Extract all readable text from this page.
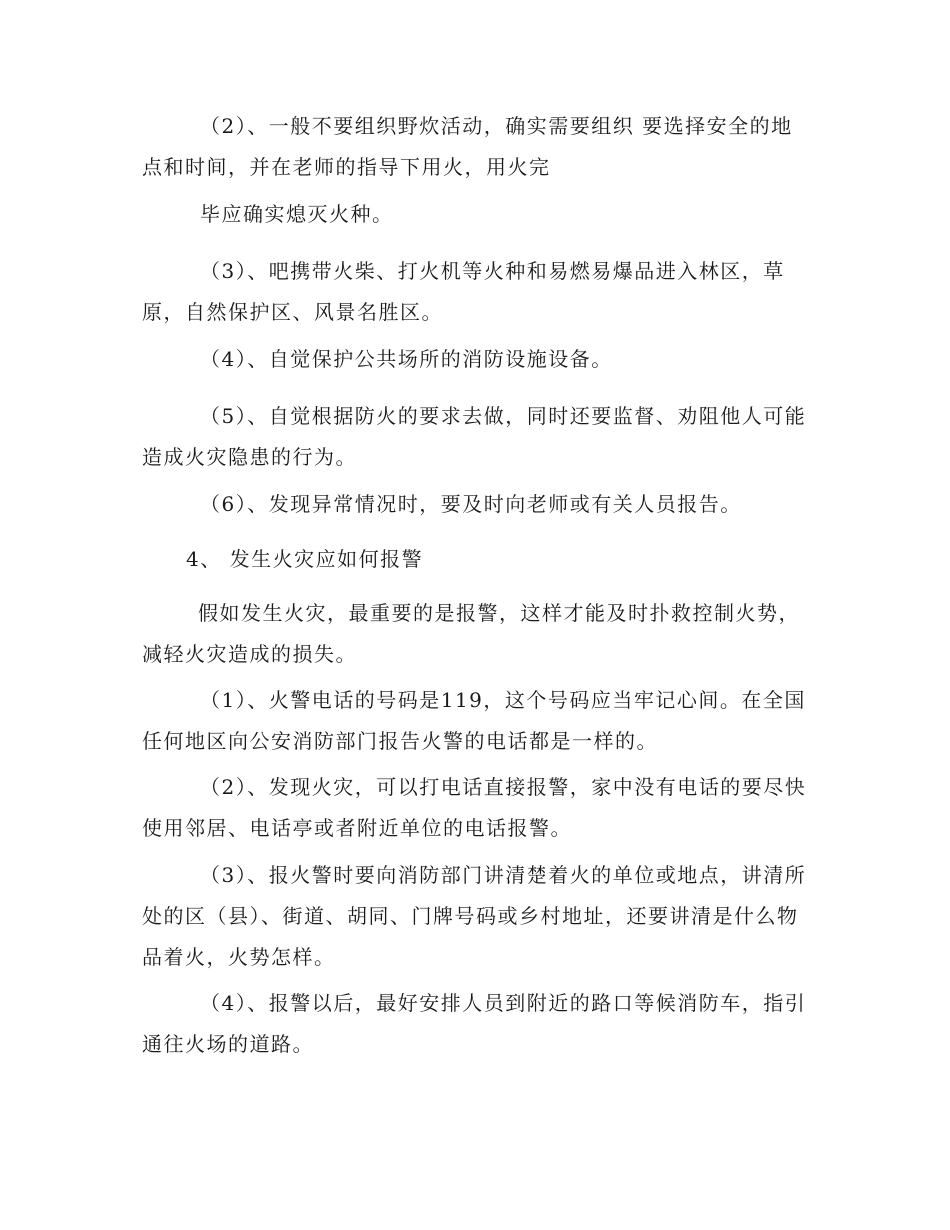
（2）、一般不要组织野炊活动，确实需要组织 要选择安全的地点和时间，并在老师的指导下用火，用火完

毕应确实熄灭火种。

（3）、吧携带火柴、打火机等火种和易燃易爆品进入林区，草原，自然保护区、风景名胜区。

（4）、自觉保护公共场所的消防设施设备。

（5）、自觉根据防火的要求去做，同时还要监督、劝阻他人可能造成火灾隐患的行为。

（6）、发现异常情况时，要及时向老师或有关人员报告。

4、 发生火灾应如何报警

假如发生火灾，最重要的是报警，这样才能及时扑救控制火势，减轻火灾造成的损失。

（1）、火警电话的号码是119，这个号码应当牢记心间。在全国任何地区向公安消防部门报告火警的电话都是一样的。

（2）、发现火灾，可以打电话直接报警，家中没有电话的要尽快使用邻居、电话亭或者附近单位的电话报警。

（3）、报火警时要向消防部门讲清楚着火的单位或地点，讲清所处的区（县）、街道、胡同、门牌号码或乡村地址，还要讲清是什么物品着火，火势怎样。

（4）、报警以后，最好安排人员到附近的路口等候消防车，指引通往火场的道路。
